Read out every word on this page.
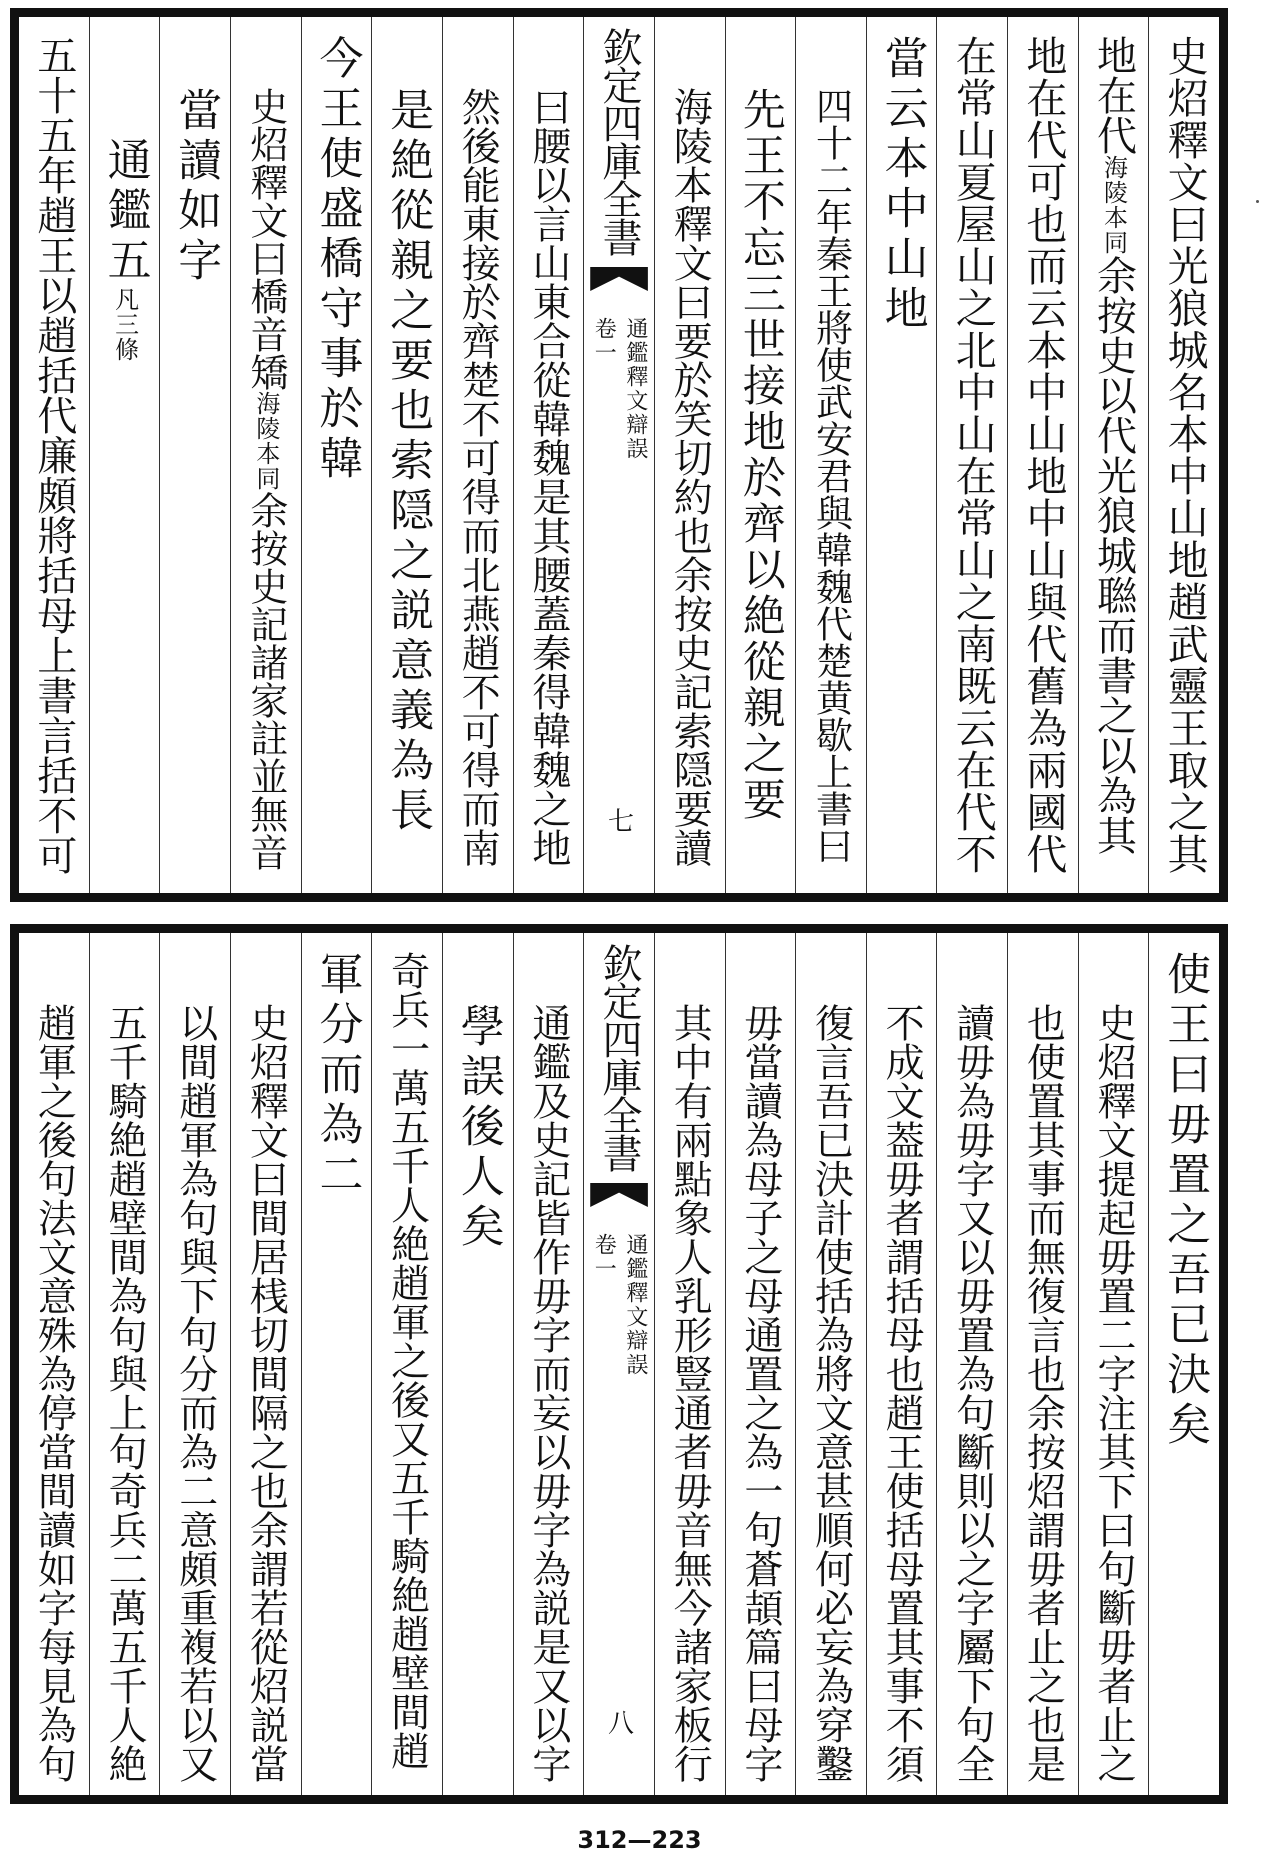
史炤釋文曰光狼城名本中山地趙武靈王取之其
地在代海陵本同余按史以代光狼城聮而書之以為其
地在代可也而云本中山地中山與代舊為兩國代
在常山夏屋山之北中山在常山之南既云在代不
當云本中山地
四十二年秦王將使武安君與韓魏代楚黄歇上書曰
先王不忘三世接地於齊以絶從親之要
海陵本釋文曰要於笑切約也余按史記索隠要讀
欽定四庫全書
通鑑釋文辯誤
卷一
七
曰腰以言山東合從韓魏是其腰蓋秦得韓魏之地
然後能東接於齊楚不可得而北燕趙不可得而南
是絶從親之要也索隠之説意義為長
今王使盛橋守事於韓
史炤釋文曰橋音矯海陵本同余按史記諸家註並無音
當讀如字
通鑑五凡三條
五十五年趙王以趙括代廉頗將括母上書言括不可
使王曰毋置之吾已決矣
史炤釋文提起毋置二字注其下曰句斷毋者止之
也使置其事而無復言也余按炤謂毋者止之也是
讀毋為毋字又以毋置為句斷則以之字屬下句全
不成文葢毋者謂括母也趙王使括母置其事不須
復言吾已決計使括為將文意甚順何必妄為穿鑿
毋當讀為母子之母通置之為一句蒼頡篇曰母字
其中有兩點象人乳形豎通者毋音無今諸家板行
欽定四庫全書
通鑑釋文辯誤
卷一
八
通鑑及史記皆作毋字而妄以毋字為説是又以字
學誤後人矣
奇兵一萬五千人絶趙軍之後又五千騎絶趙壁間趙
軍分而為二
史炤釋文曰間居桟切間隔之也余謂若從炤説當
以間趙軍為句與下句分而為二意頗重複若以又
五千騎絶趙壁間為句與上句奇兵二萬五千人絶
趙軍之後句法文意殊為停當間讀如字每見為句
312—223
